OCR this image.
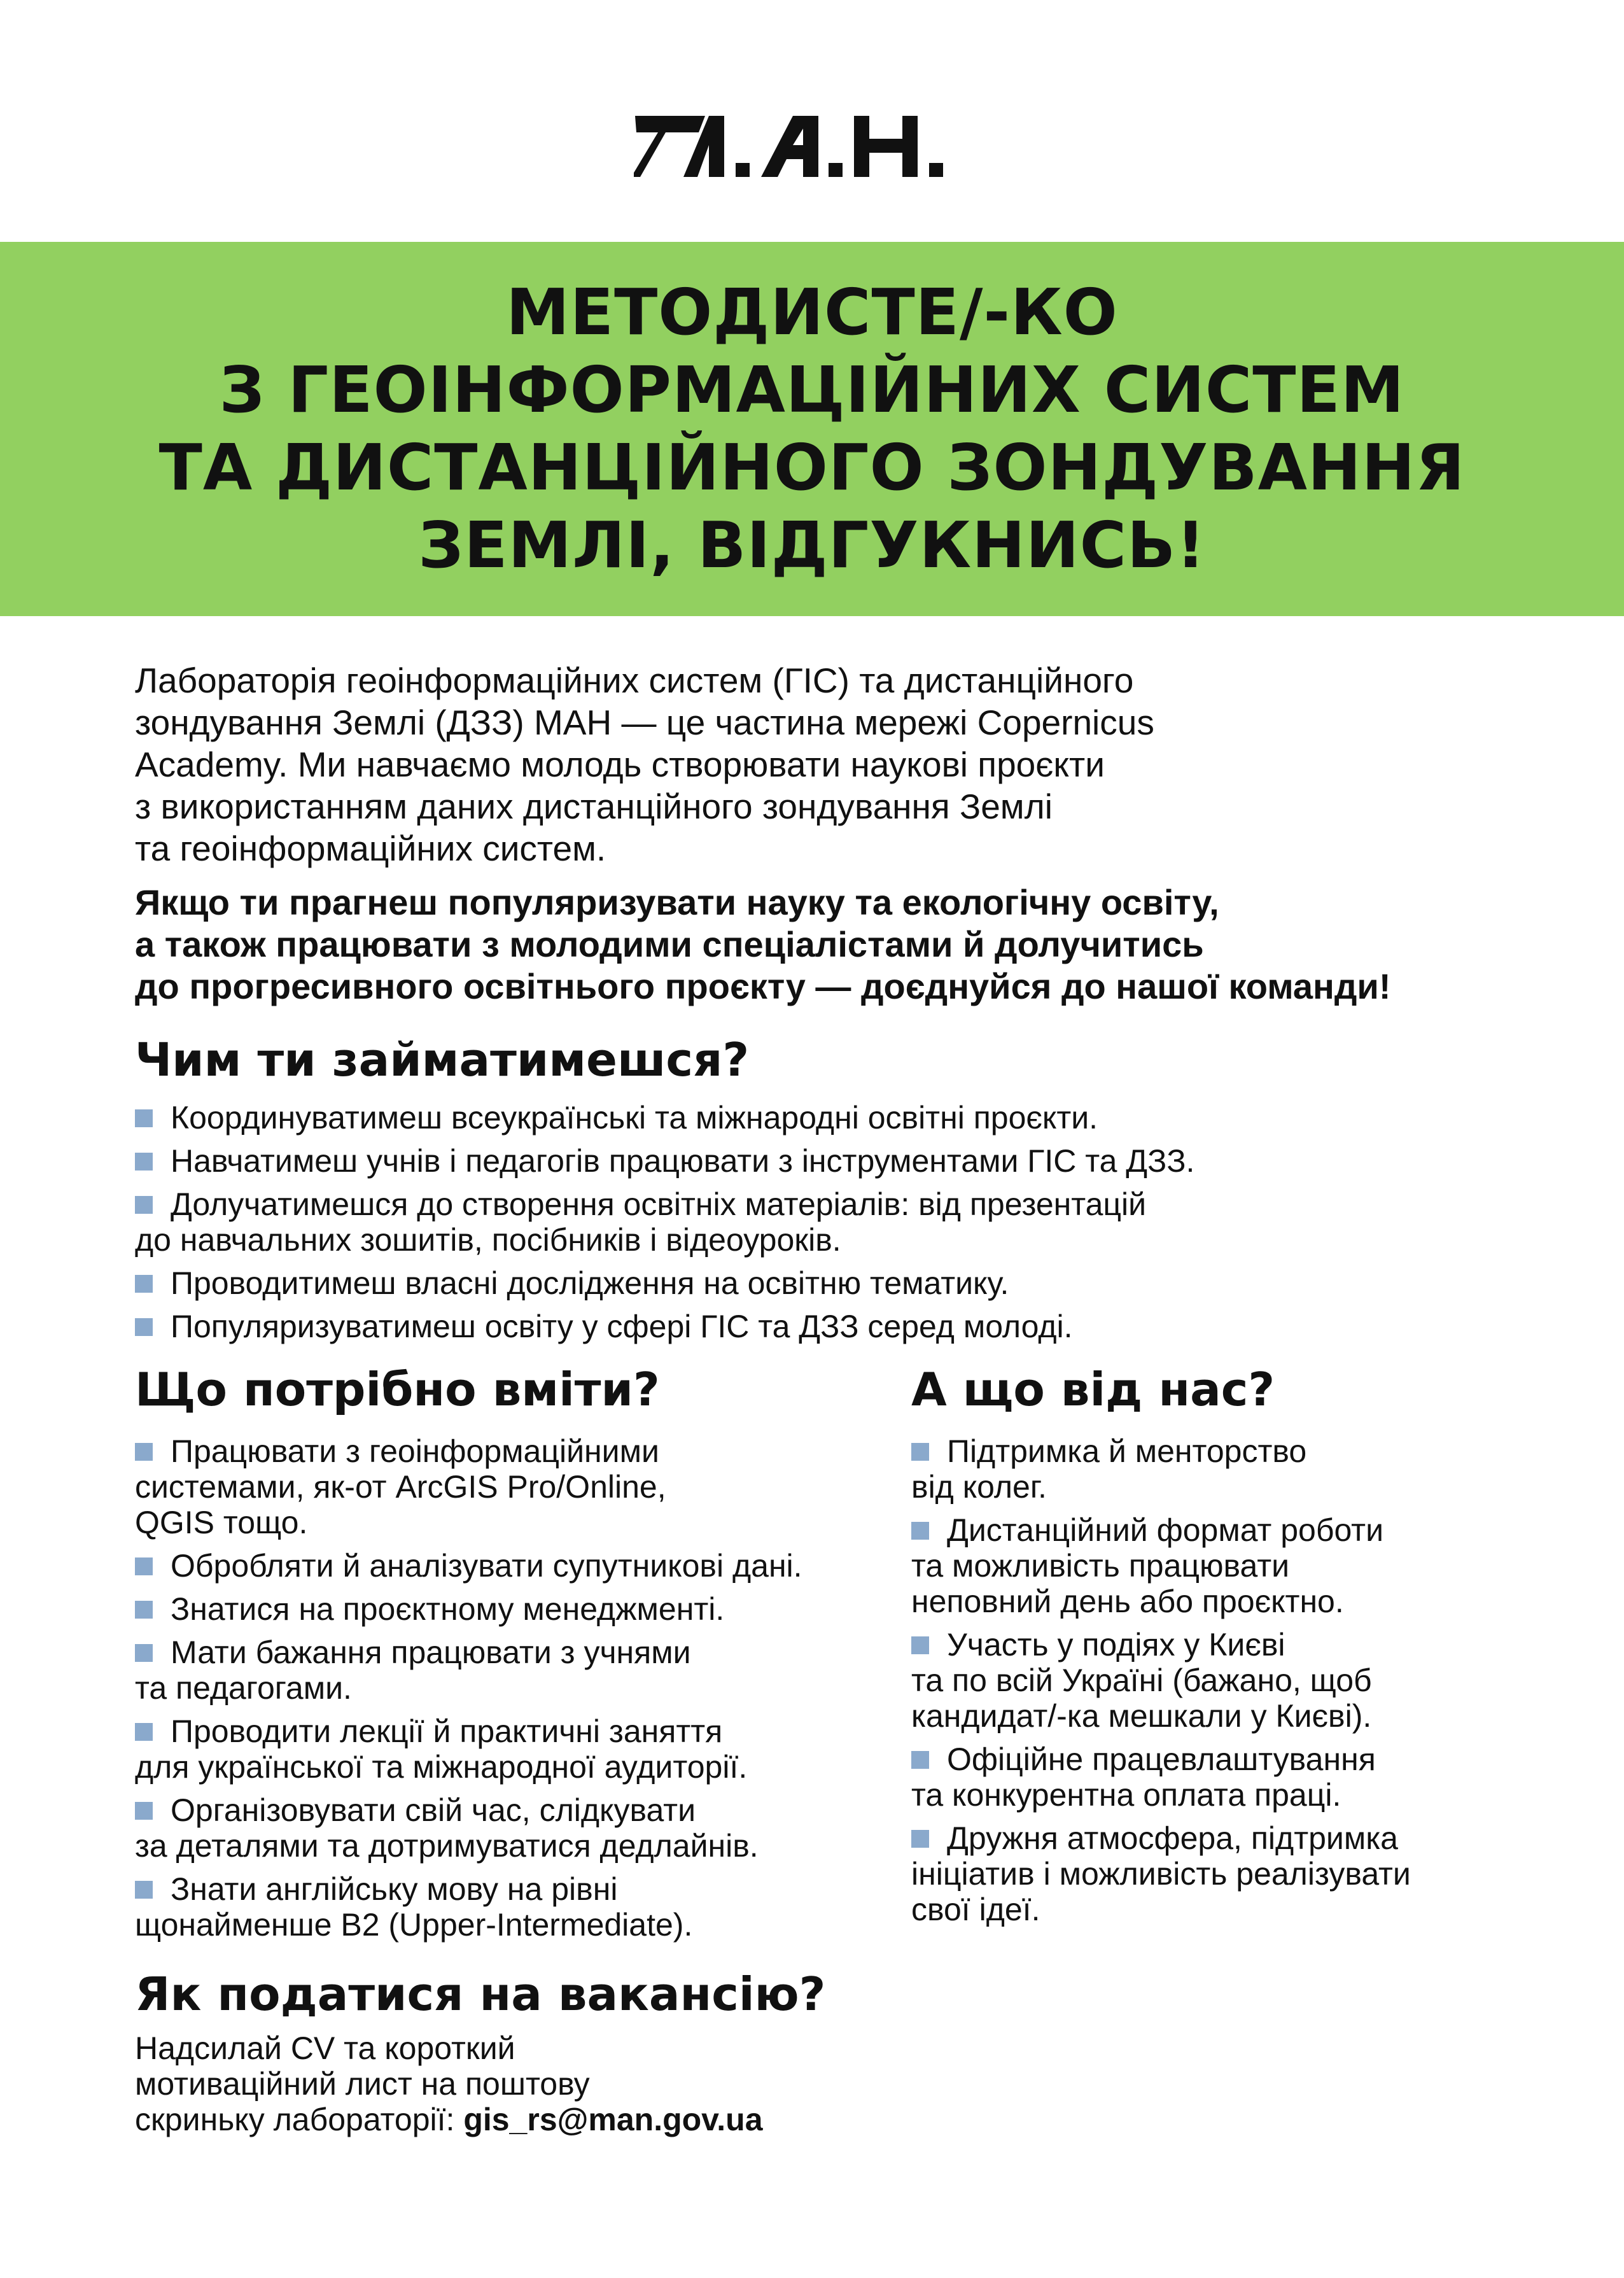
МЕТОДИСТЕ/-КО
З ГЕОІНФОРМАЦІЙНИХ СИСТЕМ
ТА ДИСТАНЦІЙНОГО ЗОНДУВАННЯ
ЗЕМЛІ, ВІДГУКНИСЬ!
Лабораторія геоінформаційних систем (ГІС) та дистанційного
зондування Землі (ДЗЗ) МАН — це частина мережі Copernicus
Academy. Ми навчаємо молодь створювати наукові проєкти
з використанням даних дистанційного зондування Землі
та геоінформаційних систем.
Якщо ти прагнеш популяризувати науку та екологічну освіту,
а також працювати з молодими спеціалістами й долучитись
до прогресивного освітнього проєкту — доєднуйся до нашої команди!
Чим ти займатимешся?
Координуватимеш всеукраїнські та міжнародні освітні проєкти.
Навчатимеш учнів і педагогів працювати з інструментами ГІС та ДЗЗ.
Долучатимешся до створення освітніх матеріалів: від презентацій
до навчальних зошитів, посібників і відеоуроків.
Проводитимеш власні дослідження на освітню тематику.
Популяризуватимеш освіту у сфері ГІС та ДЗЗ серед молоді.
Що потрібно вміти?
Працювати з геоінформаційними
системами, як-от ArcGIS Pro/Online,
QGIS тощо.
Обробляти й аналізувати супутникові дані.
Знатися на проєктному менеджменті.
Мати бажання працювати з учнями
та педагогами.
Проводити лекції й практичні заняття
для української та міжнародної аудиторії.
Організовувати свій час, слідкувати
за деталями та дотримуватися дедлайнів.
Знати англійську мову на рівні
щонайменше B2 (Upper-Intermediate).
А що від нас?
Підтримка й менторство
від колег.
Дистанційний формат роботи
та можливість працювати
неповний день або проєктно.
Участь у подіях у Києві
та по всій Україні (бажано, щоб
кандидат/-ка мешкали у Києві).
Офіційне працевлаштування
та конкурентна оплата праці.
Дружня атмосфера, підтримка
ініціатив і можливість реалізувати
свої ідеї.
Як податися на вакансію?
Надсилай CV та короткий
мотиваційний лист на поштову
скриньку лабораторії: gis_rs@man.gov.ua
